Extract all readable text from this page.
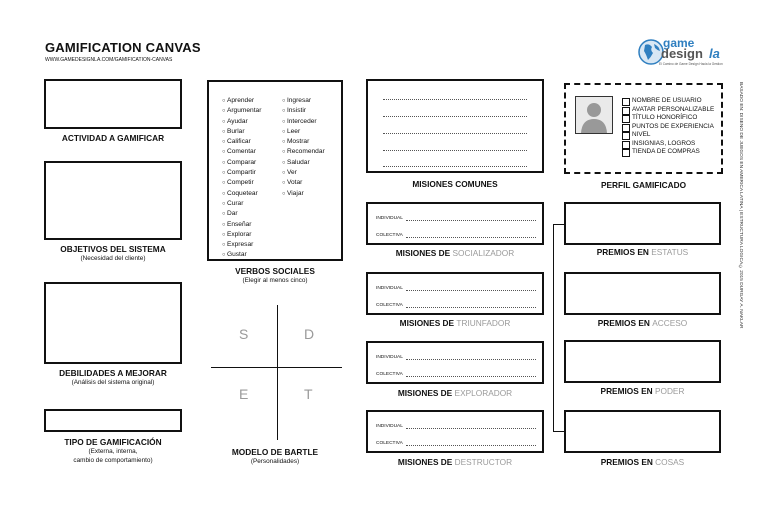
GAMIFICATION CANVAS
WWW.GAMEDESIGNLA.COM/GAMIFICATION-CANVAS
game
design la
El Camino de Game Design Hacia la Gestion
BASADO EN: DISEÑO DE JUEGOS EN AMERICA LATINA | ESTRUCTURA LÓGICA ©2015 DURGAY A. NAKLAR
ACTIVIDAD A GAMIFICAR
OBJETIVOS DEL SISTEMA
(Necesidad del cliente)
DEBILIDADES A MEJORAR
(Análisis del sistema original)
TIPO DE GAMIFICACIÓN
(Externa, interna,
cambio de comportamiento)
○ Aprender
○ Argumentar
○ Ayudar
○ Burlar
○ Calificar
○ Comentar
○ Comparar
○ Compartir
○ Competir
○ Coquetear
○ Curar
○ Dar
○ Enseñar
○ Explorar
○ Expresar
○ Gustar
○ Ingresar
○ Insistir
○ Interceder
○ Leer
○ Mostrar
○ Recomendar
○ Saludar
○ Ver
○ Votar
○ Viajar
VERBOS SOCIALES
(Elegir al menos cinco)
S	D
E	T
MODELO DE BARTLE
(Personalidades)
MISIONES COMUNES
INDIVIDUAL
COLECTIVA
MISIONES DE SOCIALIZADOR
INDIVIDUAL
COLECTIVA
MISIONES DE TRIUNFADOR
INDIVIDUAL
COLECTIVA
MISIONES DE EXPLORADOR
INDIVIDUAL
COLECTIVA
MISIONES DE DESTRUCTOR
NOMBRE DE USUARIO
AVATAR PERSONALIZABLE
TÍTULO HONORÍFICO
PUNTOS DE EXPERIENCIA
NIVEL
INSIGNIAS, LOGROS
TIENDA DE COMPRAS
PERFIL GAMIFICADO
PREMIOS EN ESTATUS
PREMIOS EN ACCESO
PREMIOS EN PODER
PREMIOS EN COSAS
